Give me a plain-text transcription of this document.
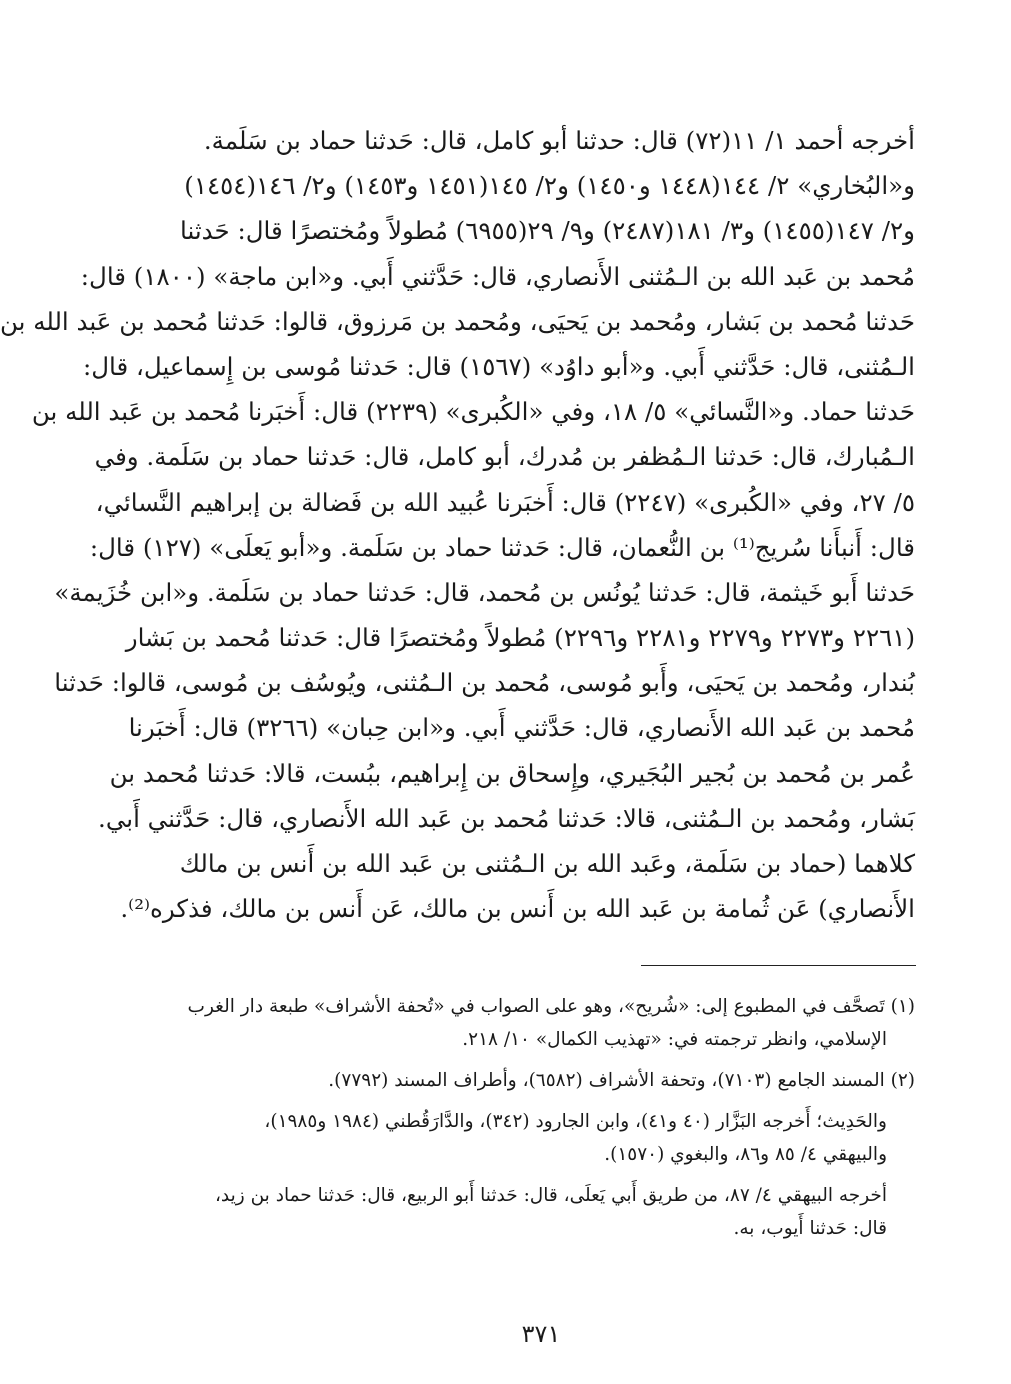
أخرجه أحمد ١/ ١١(٧٢) قال: حدثنا أبو كامل، قال: حَدثنا حماد بن سَلَمة.
و«البُخاري» ٢/ ١٤٤(١٤٤٨ و١٤٥٠) و٢/ ١٤٥(١٤٥١ و١٤٥٣) و٢/ ١٤٦(١٤٥٤)
و٢/ ١٤٧(١٤٥٥) و٣/ ١٨١(٢٤٨٧) و٩/ ٢٩(٦٩٥٥) مُطولاً ومُختصرًا قال: حَدثنا
مُحمد بن عَبد الله بن الـمُثنى الأَنصاري، قال: حَدَّثني أَبي. و«ابن ماجة» (١٨٠٠) قال:
حَدثنا مُحمد بن بَشار، ومُحمد بن يَحيَى، ومُحمد بن مَرزوق، قالوا: حَدثنا مُحمد بن عَبد الله بن
الـمُثنى، قال: حَدَّثني أَبي. و«أبو داوُد» (١٥٦٧) قال: حَدثنا مُوسى بن إِسماعيل، قال:
حَدثنا حماد. و«النَّسائي» ٥/ ١٨، وفي «الكُبرى» (٢٢٣٩) قال: أَخبَرنا مُحمد بن عَبد الله بن
الـمُبارك، قال: حَدثنا الـمُظفر بن مُدرك، أبو كامل، قال: حَدثنا حماد بن سَلَمة. وفي
٥/ ٢٧، وفي «الكُبرى» (٢٢٤٧) قال: أَخبَرنا عُبيد الله بن فَضالة بن إبراهيم النَّسائي،
قال: أَنبأَنا سُريج⁽¹⁾ بن النُّعمان، قال: حَدثنا حماد بن سَلَمة. و«أبو يَعلَى» (١٢٧) قال:
حَدثنا أَبو خَيثمة، قال: حَدثنا يُونُس بن مُحمد، قال: حَدثنا حماد بن سَلَمة. و«ابن خُزَيمة»
(٢٢٦١ و٢٢٧٣ و٢٢٧٩ و٢٢٨١ و٢٢٩٦) مُطولاً ومُختصرًا قال: حَدثنا مُحمد بن بَشار
بُندار، ومُحمد بن يَحيَى، وأَبو مُوسى، مُحمد بن الـمُثنى، ويُوسُف بن مُوسى، قالوا: حَدثنا
مُحمد بن عَبد الله الأَنصاري، قال: حَدَّثني أَبي. و«ابن حِبان» (٣٢٦٦) قال: أَخبَرنا
عُمر بن مُحمد بن بُجير البُجَيري، وإِسحاق بن إِبراهيم، ببُست، قالا: حَدثنا مُحمد بن
بَشار، ومُحمد بن الـمُثنى، قالا: حَدثنا مُحمد بن عَبد الله الأَنصاري، قال: حَدَّثني أَبي.
كلاهما (حماد بن سَلَمة، وعَبد الله بن الـمُثنى بن عَبد الله بن أَنس بن مالك
الأَنصاري) عَن ثُمامة بن عَبد الله بن أَنس بن مالك، عَن أَنس بن مالك، فذكره⁽²⁾.
(١) تَصحَّف في المطبوع إلى: «شُريح»، وهو على الصواب في «تُحفة الأشراف» طبعة دار الغرب
الإسلامي، وانظر ترجمته في: «تهذيب الكمال» ١٠/ ٢١٨.
(٢) المسند الجامع (٧١٠٣)، وتحفة الأشراف (٦٥٨٢)، وأطراف المسند (٧٧٩٢).
والحَدِيث؛ أَخرجه البَزَّار (٤٠ و٤١)، وابن الجارود (٣٤٢)، والدَّارَقُطني (١٩٨٤ و١٩٨٥)،
والبيهقي ٤/ ٨٥ و٨٦، والبغوي (١٥٧٠).
أخرجه البيهقي ٤/ ٨٧، من طريق أَبي يَعلَى، قال: حَدثنا أَبو الربيع، قال: حَدثنا حماد بن زيد،
قال: حَدثنا أَيوب، به.
٣٧١
